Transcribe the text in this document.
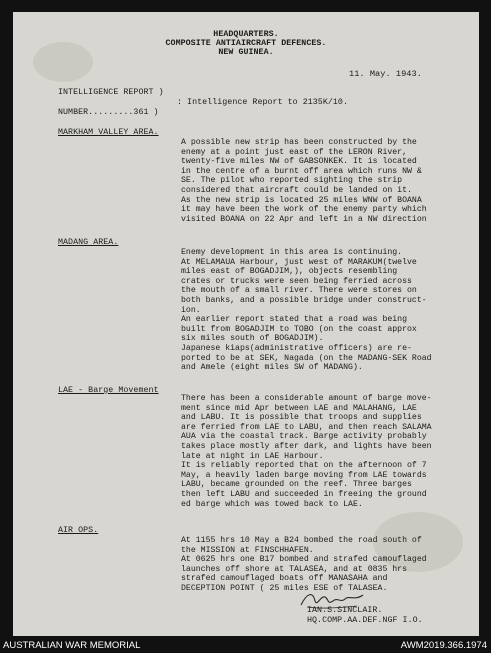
HEADQUARTERS.
COMPOSITE ANTIAIRCRAFT DEFENCES.
NEW GUINEA.
11. May. 1943.
INTELLIGENCE REPORT )
: Intelligence Report to 2135K/10.
NUMBER.........361 )
MARKHAM VALLEY AREA.
A possible new strip has been constructed by the
enemy at a point just east of the LERON River,
twenty-five miles NW of GABSONKEK. It is located
in the centre of a burnt off area which runs NW &
SE. The pilot who reported sighting the strip
considered that aircraft could be landed on it.
As the new strip is located 25 miles WNW of BOANA
it may have been the work of the enemy party which
visited BOANA on 22 Apr and left in a NW direction
MADANG AREA.
Enemy development in this area is continuing.
At MELAMAUA Harbour, just west of MARAKUM(twelve
miles east of BOGADJIM,), objects resembling
crates or trucks were seen being ferried across
the mouth of a small river. There were stores on
both banks, and a possible bridge under construct-
ion.
An earlier report stated that a road was being
built from BOGADJIM to TOBO (on the coast approx
six miles south of BOGADJIM).
Japanese kiaps(administrative officers) are re-
ported to be at SEK, Nagada (on the MADANG-SEK Road
and Amele (eight miles SW of MADANG).
LAE - Barge Movement
There has been a considerable amount of barge move-
ment since mid Apr between LAE and MALAHANG, LAE
and LABU. It is possible that troops and supplies
are ferried from LAE to LABU, and then reach SALAMA
AUA via the coastal track. Barge activity probably
takes place mostly after dark, and lights have been
late at night in LAE Harbour.
It is reliably reported that on the afternoon of 7
May, a heavily laden barge moving from LAE towards
LABU, became grounded on the reef. Three barges
then left LABU and succeeded in freeing the ground
ed barge which was towed back to LAE.
AIR OPS.
At 1155 hrs 10 May a B24 bombed the road south of
the MISSION at FINSCHHAFEN.
At 0625 hrs one B17 bombed and strafed camouflaged
launches off shore at TALASEA, and at 0835 hrs
strafed camouflaged boats off MANASAHA and
DECEPTION POINT ( 25 miles ESE of TALASEA.
IAN.S.SINCLAIR.
HQ.COMP.AA.DEF.NGF I.O.
AUSTRALIAN WAR MEMORIAL	AWM2019.366.1974
